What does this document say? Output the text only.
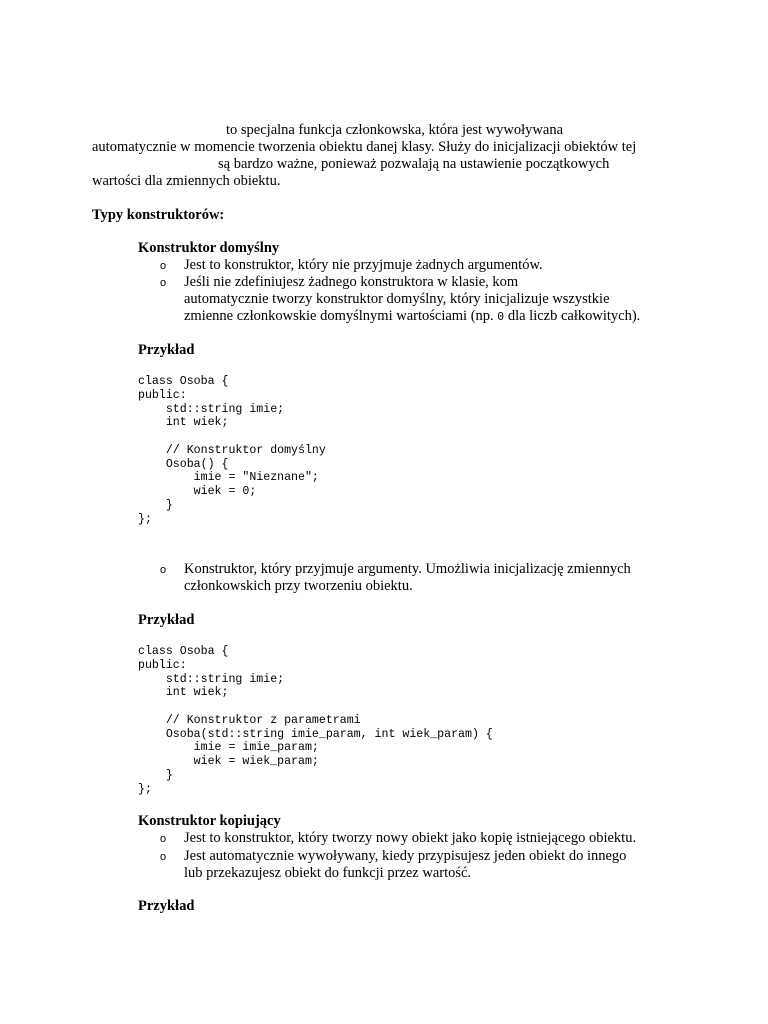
to specjalna funkcja członkowska, która jest wywoływana
automatycznie w momencie tworzenia obiektu danej klasy. Służy do inicjalizacji obiektów tej
są bardzo ważne, ponieważ pozwalają na ustawienie początkowych
wartości dla zmiennych obiektu.
Typy konstruktorów:
Konstruktor domyślny
o Jest to konstruktor, który nie przyjmuje żadnych argumentów.
o Jeśli nie zdefiniujesz żadnego konstruktora w klasie, kom
automatycznie tworzy konstruktor domyślny, który inicjalizuje wszystkie
zmienne członkowskie domyślnymi wartościami (np. 0 dla liczb całkowitych).
Przykład
class Osoba {
public:
std::string imie;
int wiek;

// Konstruktor domyślny
Osoba() {
imie = "Nieznane";
wiek = 0;
}
};
o Konstruktor, który przyjmuje argumenty. Umożliwia inicjalizację zmiennych
członkowskich przy tworzeniu obiektu.
Przykład
class Osoba {
public:
std::string imie;
int wiek;

// Konstruktor z parametrami
Osoba(std::string imie_param, int wiek_param) {
imie = imie_param;
wiek = wiek_param;
}
};
Konstruktor kopiujący
o Jest to konstruktor, który tworzy nowy obiekt jako kopię istniejącego obiektu.
o Jest automatycznie wywoływany, kiedy przypisujesz jeden obiekt do innego
lub przekazujesz obiekt do funkcji przez wartość.
Przykład
